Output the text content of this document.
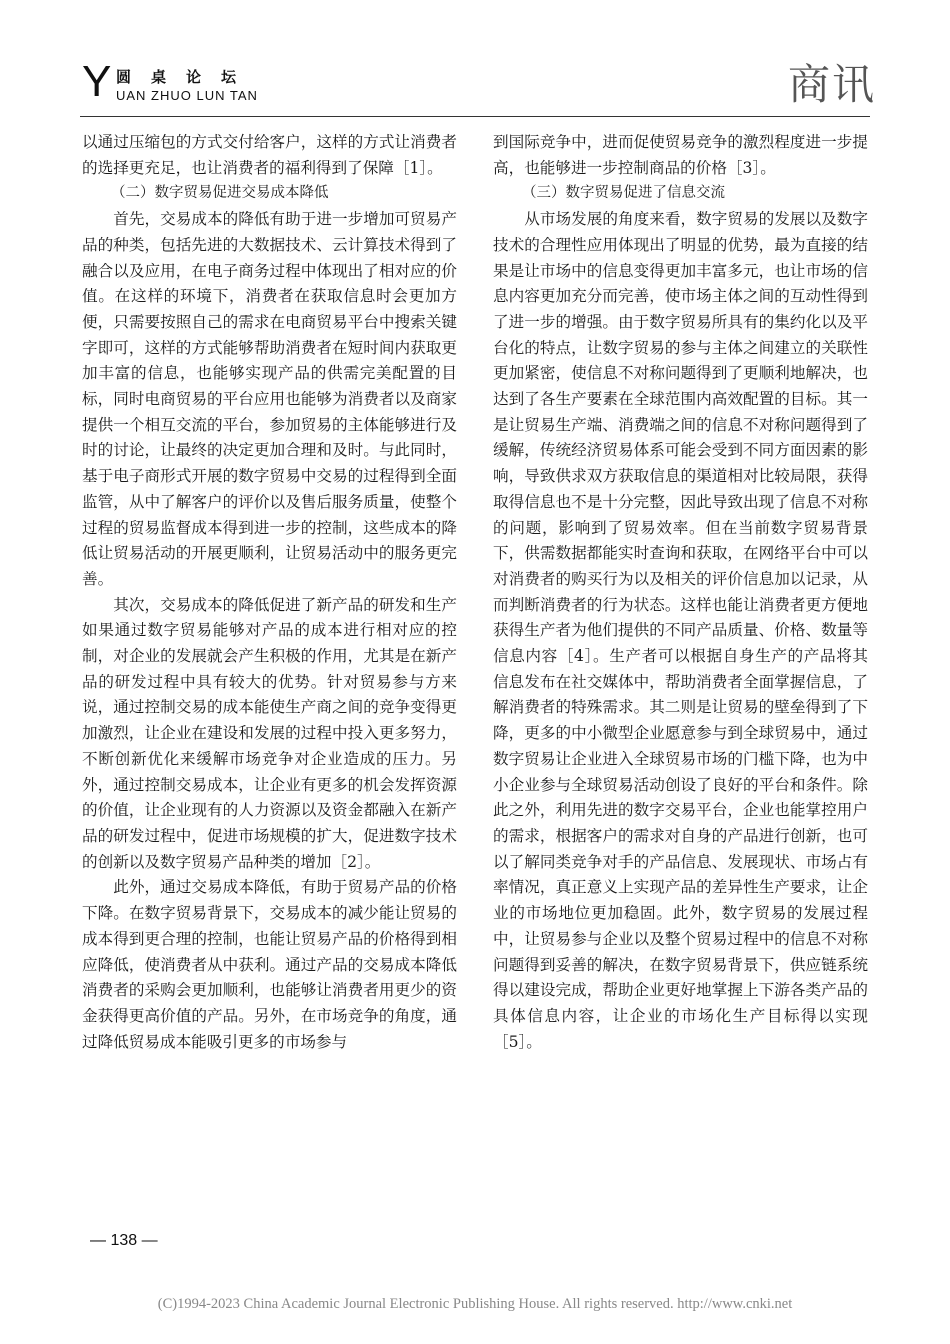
Y 圆桌论坛
UAN ZHUO LUN TAN	商讯

以通过压缩包的方式交付给客户，这样的方式让消费者的选择更充足，也让消费者的福利得到了保障［1］。

（二）数字贸易促进交易成本降低

首先，交易成本的降低有助于进一步增加可贸易产品的种类，包括先进的大数据技术、云计算技术得到了融合以及应用，在电子商务过程中体现出了相对应的价值。在这样的环境下，消费者在获取信息时会更加方便，只需要按照自己的需求在电商贸易平台中搜索关键字即可，这样的方式能够帮助消费者在短时间内获取更加丰富的信息，也能够实现产品的供需完美配置的目标，同时电商贸易的平台应用也能够为消费者以及商家提供一个相互交流的平台，参加贸易的主体能够进行及时的讨论，让最终的决定更加合理和及时。与此同时，基于电子商形式开展的数字贸易中交易的过程得到全面监管，从中了解客户的评价以及售后服务质量，使整个过程的贸易监督成本得到进一步的控制，这些成本的降低让贸易活动的开展更顺利，让贸易活动中的服务更完善。

其次，交易成本的降低促进了新产品的研发和生产如果通过数字贸易能够对产品的成本进行相对应的控制，对企业的发展就会产生积极的作用，尤其是在新产品的研发过程中具有较大的优势。针对贸易参与方来说，通过控制交易的成本能使生产商之间的竞争变得更加激烈，让企业在建设和发展的过程中投入更多努力，不断创新优化来缓解市场竞争对企业造成的压力。另外，通过控制交易成本，让企业有更多的机会发挥资源的价值，让企业现有的人力资源以及资金都融入在新产品的研发过程中，促进市场规模的扩大，促进数字技术的创新以及数字贸易产品种类的增加［2］。

此外，通过交易成本降低，有助于贸易产品的价格下降。在数字贸易背景下，交易成本的减少能让贸易的成本得到更合理的控制，也能让贸易产品的价格得到相应降低，使消费者从中获利。通过产品的交易成本降低消费者的采购会更加顺利，也能够让消费者用更少的资金获得更高价值的产品。另外，在市场竞争的角度，通过降低贸易成本能吸引更多的市场参与

到国际竞争中，进而促使贸易竞争的激烈程度进一步提高，也能够进一步控制商品的价格［3］。

（三）数字贸易促进了信息交流

从市场发展的角度来看，数字贸易的发展以及数字技术的合理性应用体现出了明显的优势，最为直接的结果是让市场中的信息变得更加丰富多元，也让市场的信息内容更加充分而完善，使市场主体之间的互动性得到了进一步的增强。由于数字贸易所具有的集约化以及平台化的特点，让数字贸易的参与主体之间建立的关联性更加紧密，使信息不对称问题得到了更顺利地解决，也达到了各生产要素在全球范围内高效配置的目标。其一是让贸易生产端、消费端之间的信息不对称问题得到了缓解，传统经济贸易体系可能会受到不同方面因素的影响，导致供求双方获取信息的渠道相对比较局限，获得取得信息也不是十分完整，因此导致出现了信息不对称的问题，影响到了贸易效率。但在当前数字贸易背景下，供需数据都能实时查询和获取，在网络平台中可以对消费者的购买行为以及相关的评价信息加以记录，从而判断消费者的行为状态。这样也能让消费者更方便地获得生产者为他们提供的不同产品质量、价格、数量等信息内容［4］。生产者可以根据自身生产的产品将其信息发布在社交媒体中，帮助消费者全面掌握信息，了解消费者的特殊需求。其二则是让贸易的壁垒得到了下降，更多的中小微型企业愿意参与到全球贸易中，通过数字贸易让企业进入全球贸易市场的门槛下降，也为中小企业参与全球贸易活动创设了良好的平台和条件。除此之外，利用先进的数字交易平台，企业也能掌控用户的需求，根据客户的需求对自身的产品进行创新，也可以了解同类竞争对手的产品信息、发展现状、市场占有率情况，真正意义上实现产品的差异性生产要求，让企业的市场地位更加稳固。此外，数字贸易的发展过程中，让贸易参与企业以及整个贸易过程中的信息不对称问题得到妥善的解决，在数字贸易背景下，供应链系统得以建设完成，帮助企业更好地掌握上下游各类产品的具体信息内容，让企业的市场化生产目标得以实现［5］。

— 138 —
(C)1994-2023 China Academic Journal Electronic Publishing House. All rights reserved. http://www.cnki.net
